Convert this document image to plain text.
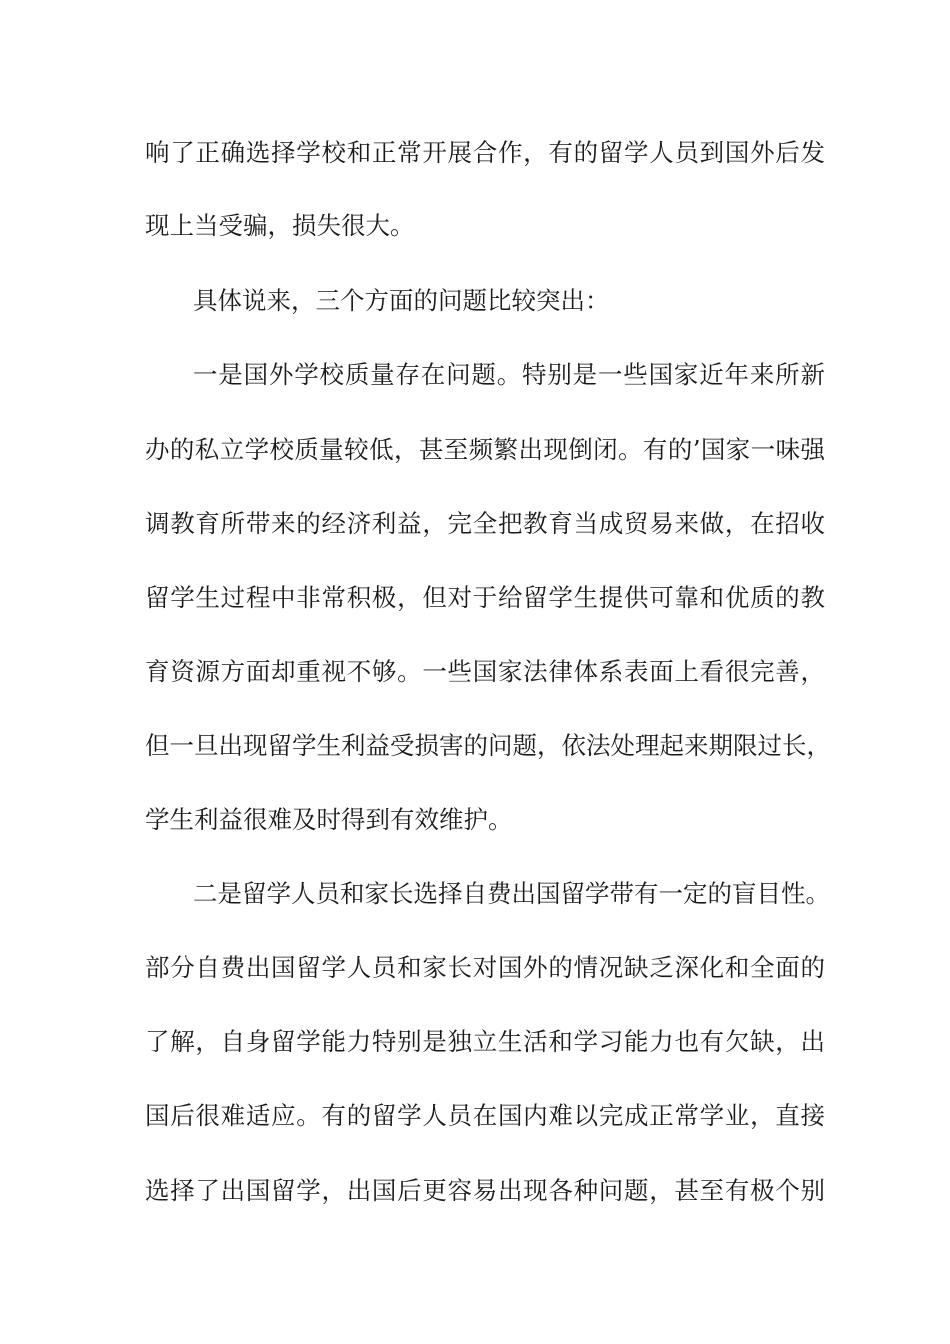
响了正确选择学校和正常开展合作，有的留学人员到国外后发
现上当受骗，损失很大。
具体说来，三个方面的问题比较突出：
一是国外学校质量存在问题。特别是一些国家近年来所新
办的私立学校质量较低，甚至频繁出现倒闭。有的’国家一味强
调教育所带来的经济利益，完全把教育当成贸易来做，在招收
留学生过程中非常积极，但对于给留学生提供可靠和优质的教
育资源方面却重视不够。一些国家法律体系表面上看很完善，
但一旦出现留学生利益受损害的问题，依法处理起来期限过长，
学生利益很难及时得到有效维护。
二是留学人员和家长选择自费出国留学带有一定的盲目性。
部分自费出国留学人员和家长对国外的情况缺乏深化和全面的
了解，自身留学能力特别是独立生活和学习能力也有欠缺，出
国后很难适应。有的留学人员在国内难以完成正常学业，直接
选择了出国留学，出国后更容易出现各种问题，甚至有极个别
